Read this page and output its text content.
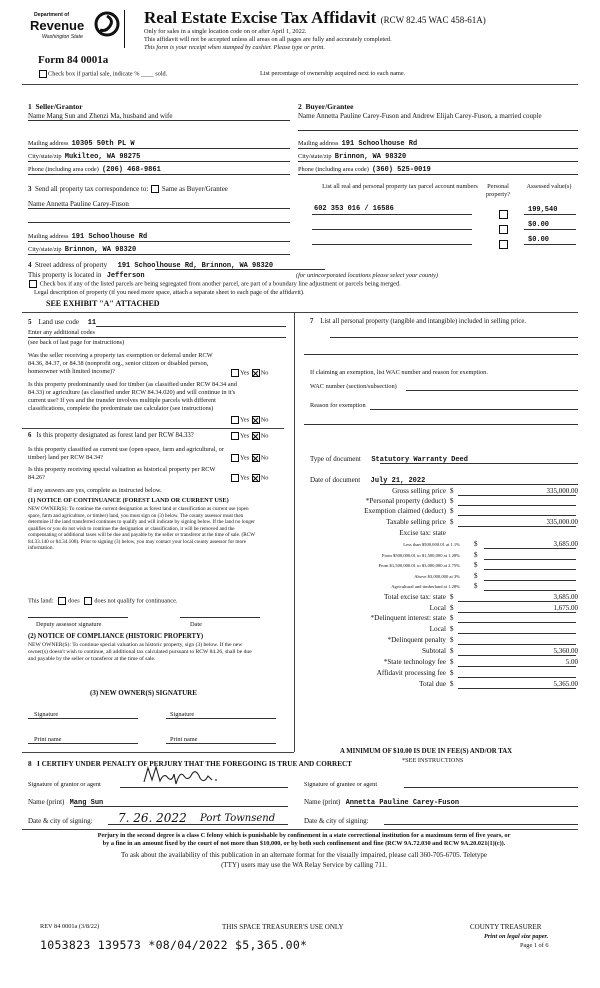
Department of
Revenue
Washington State
Real Estate Excise Tax Affidavit (RCW 82.45 WAC 458-61A)
Only for sales in a single location code on or after April 1, 2022.
This affidavit will not be accepted unless all areas on all pages are fully and accurately completed.
This form is your receipt when stamped by cashier. Please type or print.
Form 84 0001a
Check box if partial sale, indicate % ____ sold.	List percentage of ownership acquired next to each name.
1 Seller/Grantor
Name Mang Sun and Zhenzi Ma, husband and wife
2 Buyer/Grantee
Name Annetta Pauline Carey-Fuson and Andrew Elijah Carey-Fuson, a married couple
Mailing address 10305 50th PL W
City/state/zip Mukilteo, WA 98275
Phone (including area code) (206) 468-9861
Mailing address 191 Schoolhouse Rd
City/state/zip Brinnon, WA 98320
Phone (including area code) (360) 525-0019
3 Send all property tax correspondence to: Same as Buyer/Grantee
Name Annetta Pauline Carey-Fuson
Mailing address 191 Schoolhouse Rd
City/state/zip Brinnon, WA 98320
List all real and personal property tax parcel account numbers	Personal property?
Assessed value(s)
602 353 016 / 16586	199,540
$0.00
$0.00
4 Street address of property 191 Schoolhouse Rd, Brinnon, WA 98320
This property is located in Jefferson	(for unincorporated locations please select your county)
Check box if any of the listed parcels are being segregated from another parcel, are part of a boundary line adjustment or parcels being merged.
Legal description of property (if you need more space, attach a separate sheet to each page of the affidavit).
SEE EXHIBIT "A" ATTACHED
5 Land use code 11
Enter any additional codes
(see back of last page for instructions)
Was the seller receiving a property tax exemption or deferral under RCW 84.36, 84.37, or 84.38 (nonprofit org., senior citizen or disabled person, homeowner with limited income)?	Yes No
Is this property predominantly used for timber (as classified under RCW 84.34 and 84.33) or agriculture (as classified under RCW 84.34.020) and will continue in it's current use? If yes and the transfer involves multiple parcels with different classifications, complete the predominate use calculator (see instructions)
Yes No
6 Is this property designated as forest land per RCW 84.33?	Yes No
Is this property classified as current use (open space, farm and agricultural, or timber) land per RCW 84.34?	Yes No
Is this property receiving special valuation as historical property per RCW 84.26?	Yes No
If any answers are yes, complete as instructed below.
(1) NOTICE OF CONTINUANCE (FOREST LAND OR CURRENT USE)
NEW OWNER(S): To continue the current designation as forest land or classification as current use (open space, farm and agriculture, or timber) land, you must sign on (3) below. The county assessor must then determine if the land transferred continues to qualify and will indicate by signing below. If the land no longer qualifies or you do not wish to continue the designation or classification, it will be removed and the compensating or additional taxes will be due and payable by the seller or transferor at the time of sale. (RCW 84.33.140 or 84.34.108). Prior to signing (3) below, you may contact your local county assessor for more information.
This land: does does not qualify for continuance.
Deputy assessor signature	Date
(2) NOTICE OF COMPLIANCE (HISTORIC PROPERTY)
NEW OWNER(S): To continue special valuation as historic property, sign (3) below. If the new owner(s) doesn't wish to continue, all additional tax calculated pursuant to RCW 84.26, shall be due and payable by the seller or transferor at the time of sale.
(3) NEW OWNER(S) SIGNATURE
Signature	Signature
Print name	Print name
7 List all personal property (tangible and intangible) included in selling price.
If claiming an exemption, list WAC number and reason for exemption.
WAC number (section/subsection)
Reason for exemption
Type of document Statutory Warranty Deed
Date of document July 21, 2022
Gross selling price $	335,000.00
*Personal property (deduct) $
Exemption claimed (deduct) $
Taxable selling price $	335,000.00
Excise tax: state
Less than $500,000.01 at 1.1% $	3,685.00
From $500,000.01 to $1,500,000 at 1.28% $
From $1,500,000.01 to $3,000,000 at 2.75% $
Above $3,000,000 at 3% $
Agricultural and timberland at 1.28% $
Total excise tax: state $	3,685.00
Local $	1,675.00
*Delinquent interest: state $
Local $
*Delinquent penalty $
Subtotal $	5,360.00
*State technology fee $	5.00
Affidavit processing fee $
Total due $	5,365.00
A MINIMUM OF $10.00 IS DUE IN FEE(S) AND/OR TAX
*SEE INSTRUCTIONS
8 I CERTIFY UNDER PENALTY OF PERJURY THAT THE FOREGOING IS TRUE AND CORRECT
Signature of grantor or agent	Signature of grantee or agent
Name (print) Mang Sun	Name (print) Annetta Pauline Carey-Fuson
Date & city of signing: 7. 26. 2022 Port Townsend	Date & city of signing:
Perjury in the second degree is a class C felony which is punishable by confinement in a state correctional institution for a maximum term of five years, or
by a fine in an amount fixed by the court of not more than $10,000, or by both such confinement and fine (RCW 9A.72.030 and RCW 9A.20.021(1)(c)).
To ask about the availability of this publication in an alternate format for the visually impaired, please call 360-705-6705. Teletype
(TTY) users may use the WA Relay Service by calling 711.
REV 84 0001a (3/8/22)	THIS SPACE TREASURER'S USE ONLY	COUNTY TREASURER
Print on legal size paper.
Page 1 of 6
1053823 139573 *08/04/2022 $5,365.00*
